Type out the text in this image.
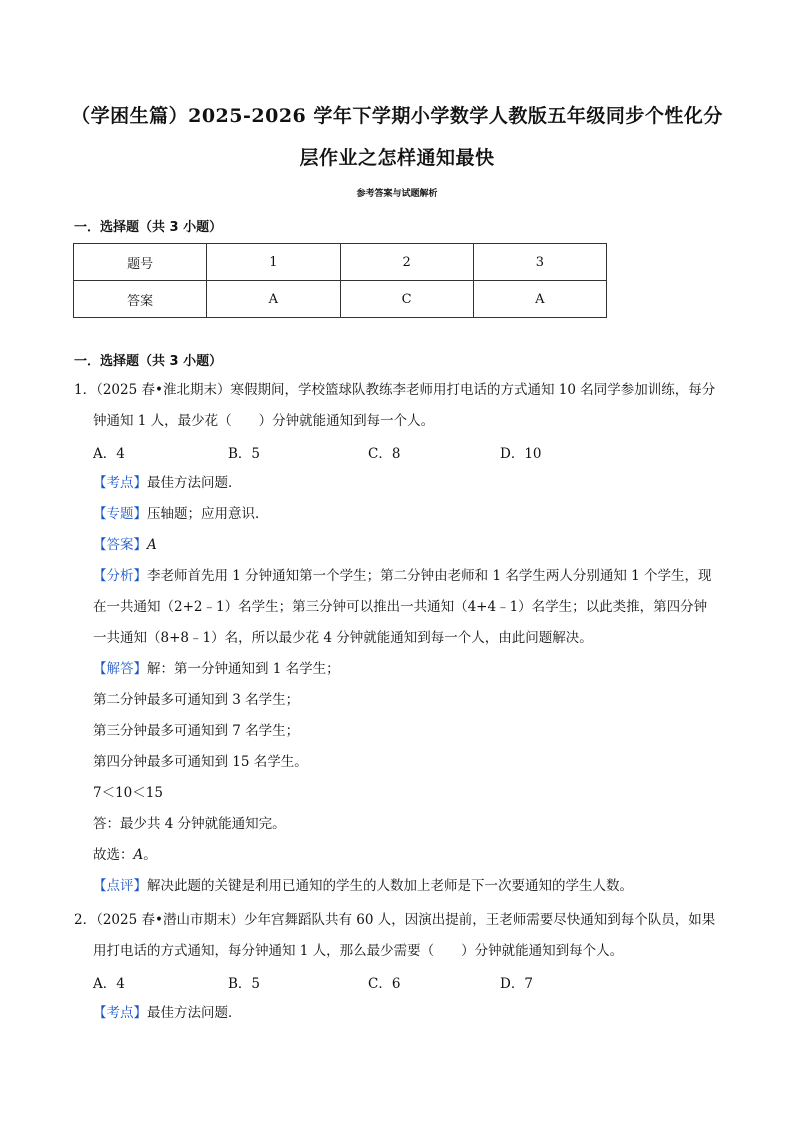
（学困生篇）2025-2026 学年下学期小学数学人教版五年级同步个性化分
层作业之怎样通知最快
参考答案与试题解析
一．选择题（共 3 小题）
题号	1	2	3
答案	A	C	A
一．选择题（共 3 小题）
1．（2025 春•淮北期末）寒假期间，学校篮球队教练李老师用打电话的方式通知 10 名同学参加训练，每分
钟通知 1 人，最少花（　　）分钟就能通知到每一个人。
A．4	B．5	C．8	D．10
【考点】最佳方法问题．
【专题】压轴题；应用意识．
【答案】A
【分析】李老师首先用 1 分钟通知第一个学生；第二分钟由老师和 1 名学生两人分别通知 1 个学生，现
在一共通知（2+2﹣1）名学生；第三分钟可以推出一共通知（4+4﹣1）名学生；以此类推，第四分钟
一共通知（8+8﹣1）名，所以最少花 4 分钟就能通知到每一个人，由此问题解决。
【解答】解：第一分钟通知到 1 名学生；
第二分钟最多可通知到 3 名学生；
第三分钟最多可通知到 7 名学生；
第四分钟最多可通知到 15 名学生。
7＜10＜15
答：最少共 4 分钟就能通知完。
故选：A。
【点评】解决此题的关键是利用已通知的学生的人数加上老师是下一次要通知的学生人数。
2．（2025 春•潜山市期末）少年宫舞蹈队共有 60 人，因演出提前，王老师需要尽快通知到每个队员，如果
用打电话的方式通知，每分钟通知 1 人，那么最少需要（　　）分钟就能通知到每个人。
A．4	B．5	C．6	D．7
【考点】最佳方法问题．
